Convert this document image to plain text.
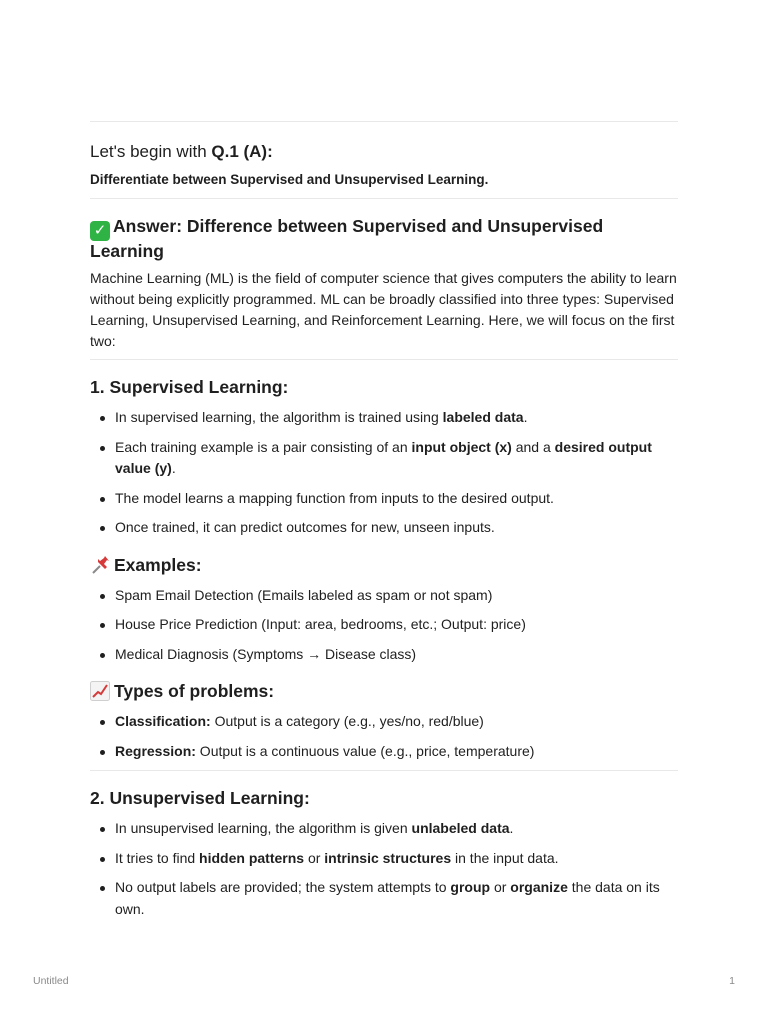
Let's begin with Q.1 (A):
Differentiate between Supervised and Unsupervised Learning.
✓ Answer: Difference between Supervised and Unsupervised Learning

Machine Learning (ML) is the field of computer science that gives computers the ability to learn without being explicitly programmed. ML can be broadly classified into three types: Supervised Learning, Unsupervised Learning, and Reinforcement Learning. Here, we will focus on the first two:

1. Supervised Learning:
In supervised learning, the algorithm is trained using labeled data.
Each training example is a pair consisting of an input object (x) and a desired output value (y).
The model learns a mapping function from inputs to the desired output.
Once trained, it can predict outcomes for new, unseen inputs.
Examples:
Spam Email Detection (Emails labeled as spam or not spam)
House Price Prediction (Input: area, bedrooms, etc.; Output: price)
Medical Diagnosis (Symptoms → Disease class)
Types of problems:
Classification: Output is a category (e.g., yes/no, red/blue)
Regression: Output is a continuous value (e.g., price, temperature)
2. Unsupervised Learning:
In unsupervised learning, the algorithm is given unlabeled data.
It tries to find hidden patterns or intrinsic structures in the input data.
No output labels are provided; the system attempts to group or organize the data on its own.
Untitled	1
